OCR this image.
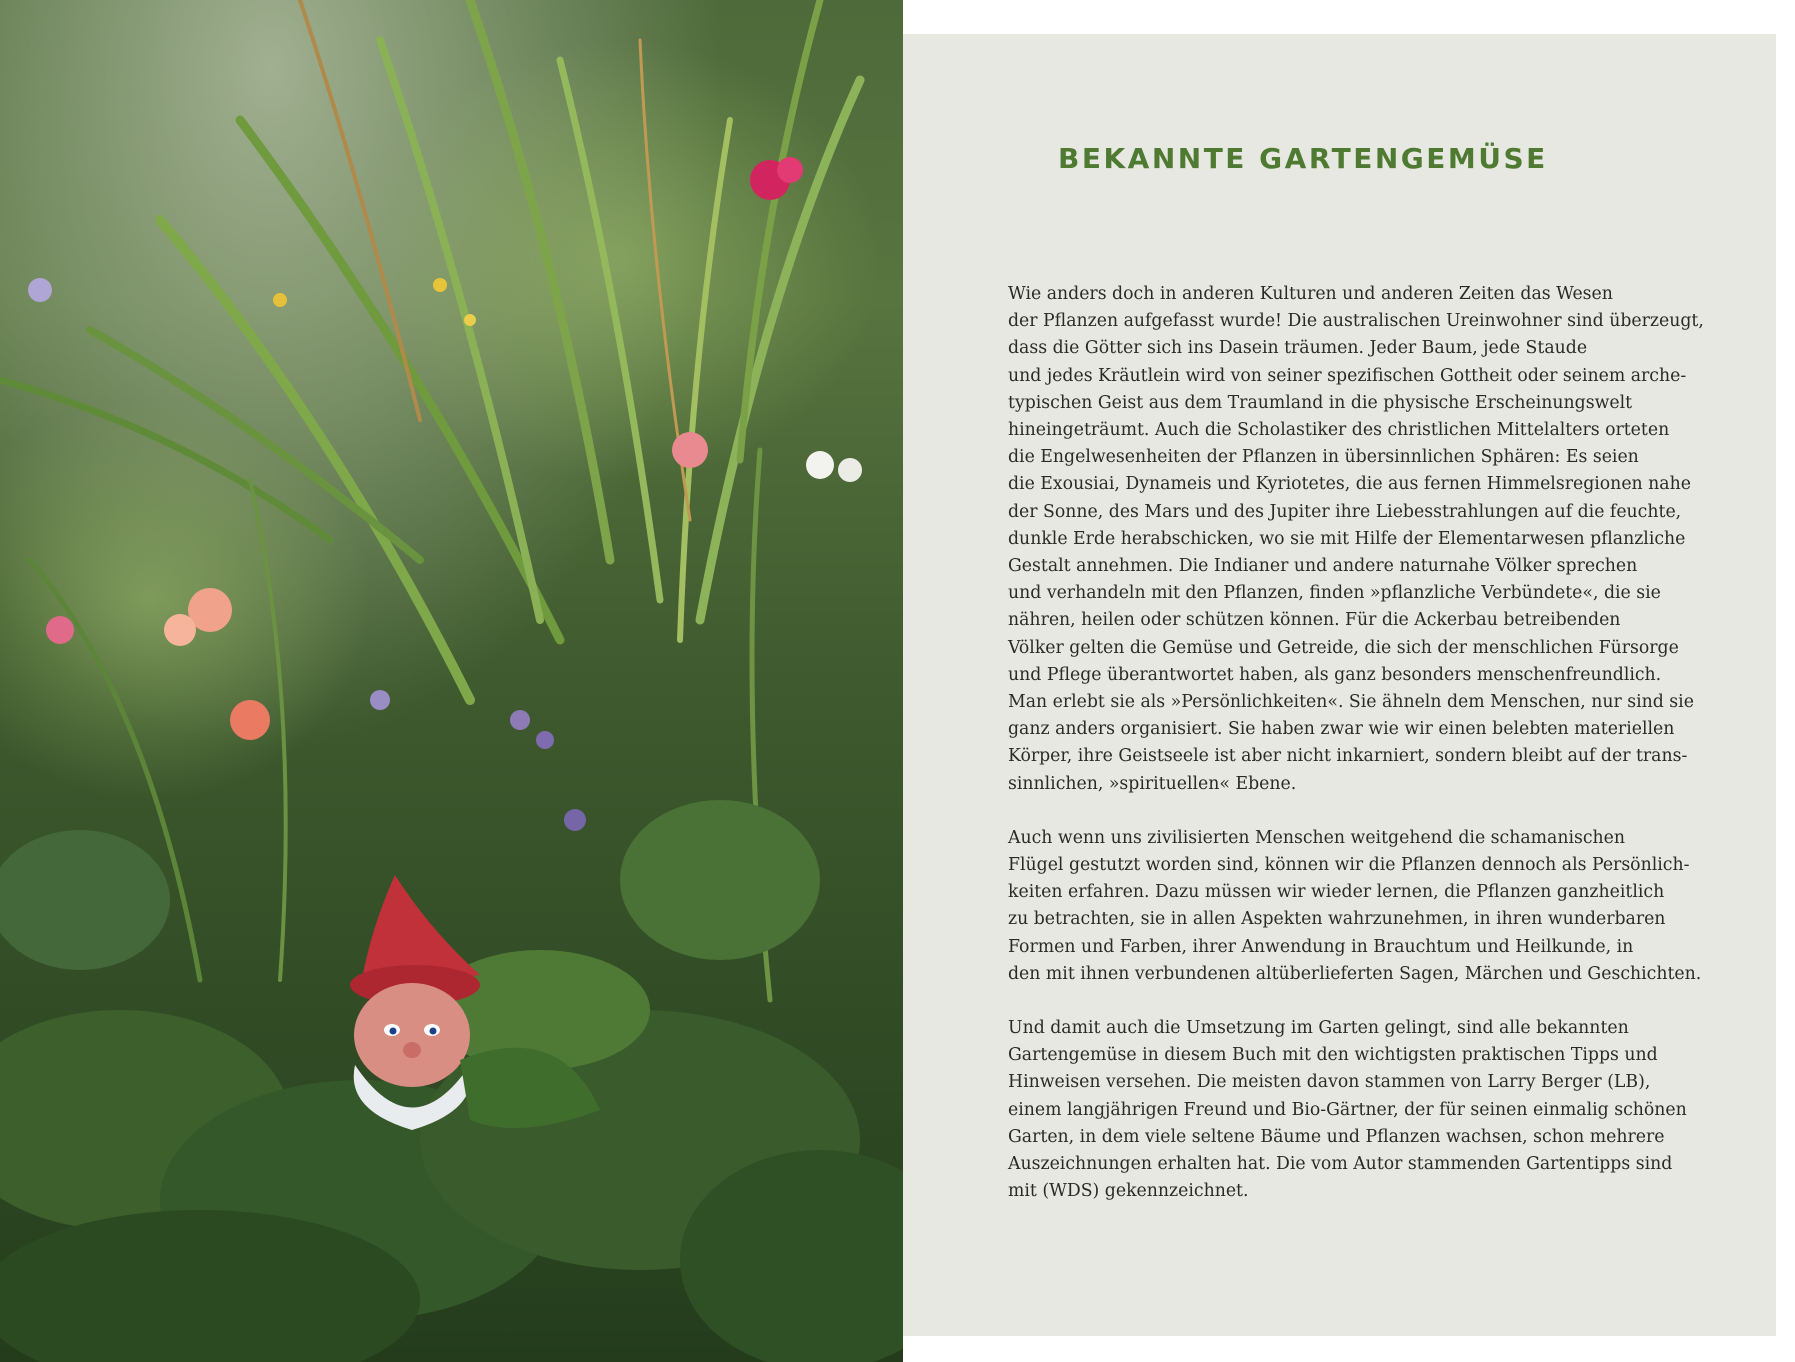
BEKANNTE GARTENGEMÜSE

Wie anders doch in anderen Kulturen und anderen Zeiten das Wesen
der Pflanzen aufgefasst wurde! Die australischen Ureinwohner sind überzeugt,
dass die Götter sich ins Dasein träumen. Jeder Baum, jede Staude
und jedes Kräutlein wird von seiner spezifischen Gottheit oder seinem arche-
typischen Geist aus dem Traumland in die physische Erscheinungswelt
hineingeträumt. Auch die Scholastiker des christlichen Mittelalters orteten
die Engelwesenheiten der Pflanzen in übersinnlichen Sphären: Es seien
die Exousiai, Dynameis und Kyriotetes, die aus fernen Himmelsregionen nahe
der Sonne, des Mars und des Jupiter ihre Liebesstrahlungen auf die feuchte,
dunkle Erde herabschicken, wo sie mit Hilfe der Elementarwesen pflanzliche
Gestalt annehmen. Die Indianer und andere naturnahe Völker sprechen
und verhandeln mit den Pflanzen, finden »pflanzliche Verbündete«, die sie
nähren, heilen oder schützen können. Für die Ackerbau betreibenden
Völker gelten die Gemüse und Getreide, die sich der menschlichen Fürsorge
und Pflege überantwortet haben, als ganz besonders menschenfreundlich.
Man erlebt sie als »Persönlichkeiten«. Sie ähneln dem Menschen, nur sind sie
ganz anders organisiert. Sie haben zwar wie wir einen belebten materiellen
Körper, ihre Geistseele ist aber nicht inkarniert, sondern bleibt auf der trans-
sinnlichen, »spirituellen« Ebene.

Auch wenn uns zivilisierten Menschen weitgehend die schamanischen
Flügel gestutzt worden sind, können wir die Pflanzen dennoch als Persönlich-
keiten erfahren. Dazu müssen wir wieder lernen, die Pflanzen ganzheitlich
zu betrachten, sie in allen Aspekten wahrzunehmen, in ihren wunderbaren
Formen und Farben, ihrer Anwendung in Brauchtum und Heilkunde, in
den mit ihnen verbundenen altüberlieferten Sagen, Märchen und Geschichten.

Und damit auch die Umsetzung im Garten gelingt, sind alle bekannten
Gartengemüse in diesem Buch mit den wichtigsten praktischen Tipps und
Hinweisen versehen. Die meisten davon stammen von Larry Berger (LB),
einem langjährigen Freund und Bio-Gärtner, der für seinen einmalig schönen
Garten, in dem viele seltene Bäume und Pflanzen wachsen, schon mehrere
Auszeichnungen erhalten hat. Die vom Autor stammenden Gartentipps sind
mit (WDS) gekennzeichnet.
